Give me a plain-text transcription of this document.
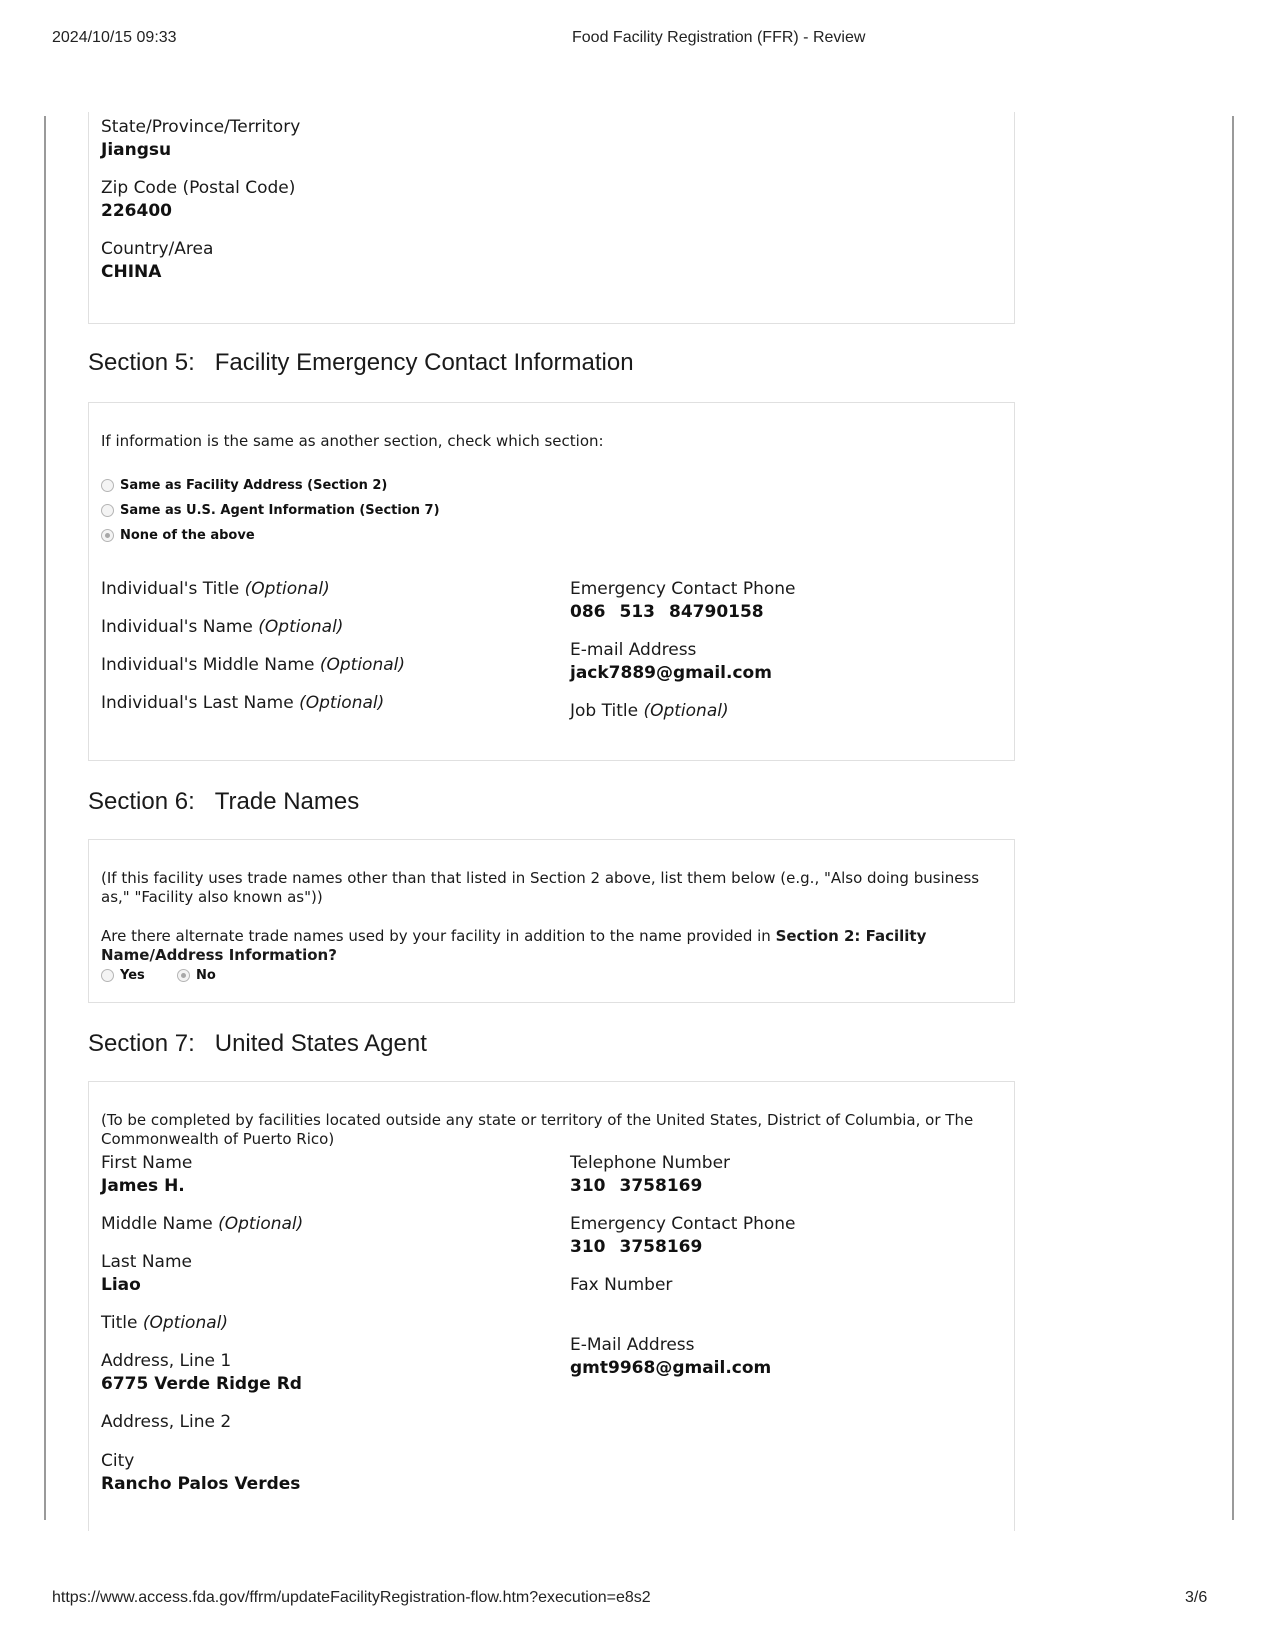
2024/10/15 09:33	Food Facility Registration (FFR) - Review
State/Province/Territory
Jiangsu
Zip Code (Postal Code)
226400
Country/Area
CHINA
Section 5: Facility Emergency Contact Information
If information is the same as another section, check which section:
Same as Facility Address (Section 2)
Same as U.S. Agent Information (Section 7)
None of the above
Individual's Title (Optional)
Individual's Name (Optional)
Individual's Middle Name (Optional)
Individual's Last Name (Optional)
Emergency Contact Phone
086 513 84790158
E-mail Address
jack7889@gmail.com
Job Title (Optional)
Section 6: Trade Names
(If this facility uses trade names other than that listed in Section 2 above, list them below (e.g., "Also doing business as," "Facility also known as"))
Are there alternate trade names used by your facility in addition to the name provided in Section 2: Facility Name/Address Information?
Yes	No
Section 7: United States Agent
(To be completed by facilities located outside any state or territory of the United States, District of Columbia, or The Commonwealth of Puerto Rico)
First Name
James H.
Middle Name (Optional)
Last Name
Liao
Title (Optional)
Address, Line 1
6775 Verde Ridge Rd
Address, Line 2
City
Rancho Palos Verdes
Telephone Number
310 3758169
Emergency Contact Phone
310 3758169
Fax Number
E-Mail Address
gmt9968@gmail.com
https://www.access.fda.gov/ffrm/updateFacilityRegistration-flow.htm?execution=e8s2	3/6
